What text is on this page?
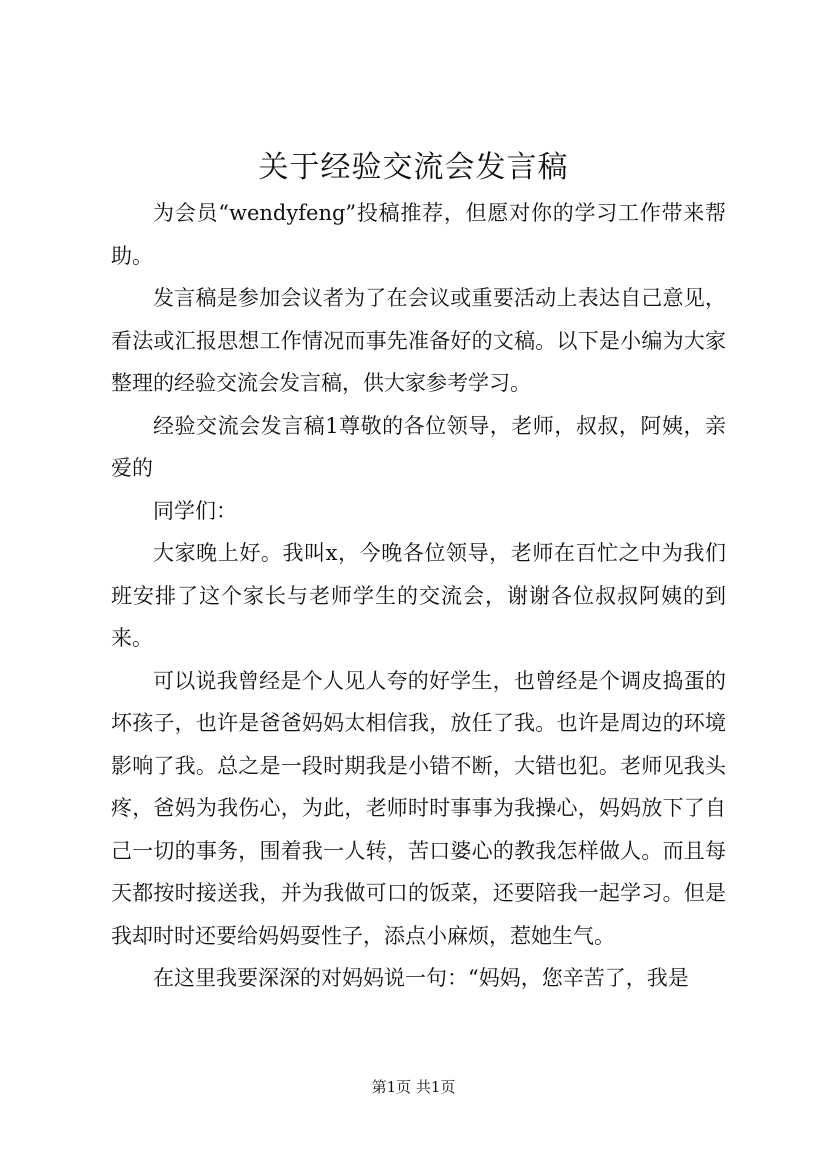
关于经验交流会发言稿

为会员“wendyfeng”投稿推荐，但愿对你的学习工作带来帮助。

发言稿是参加会议者为了在会议或重要活动上表达自己意见，看法或汇报思想工作情况而事先准备好的文稿。以下是小编为大家整理的经验交流会发言稿，供大家参考学习。

经验交流会发言稿1尊敬的各位领导，老师，叔叔，阿姨，亲爱的

同学们：

大家晚上好。我叫x，今晚各位领导，老师在百忙之中为我们班安排了这个家长与老师学生的交流会，谢谢各位叔叔阿姨的到来。

可以说我曾经是个人见人夸的好学生，也曾经是个调皮捣蛋的坏孩子，也许是爸爸妈妈太相信我，放任了我。也许是周边的环境影响了我。总之是一段时期我是小错不断，大错也犯。老师见我头疼，爸妈为我伤心，为此，老师时时事事为我操心，妈妈放下了自己一切的事务，围着我一人转，苦口婆心的教我怎样做人。而且每天都按时接送我，并为我做可口的饭菜，还要陪我一起学习。但是我却时时还要给妈妈耍性子，添点小麻烦，惹她生气。

在这里我要深深的对妈妈说一句：“妈妈，您辛苦了，我是

第1页 共1页
